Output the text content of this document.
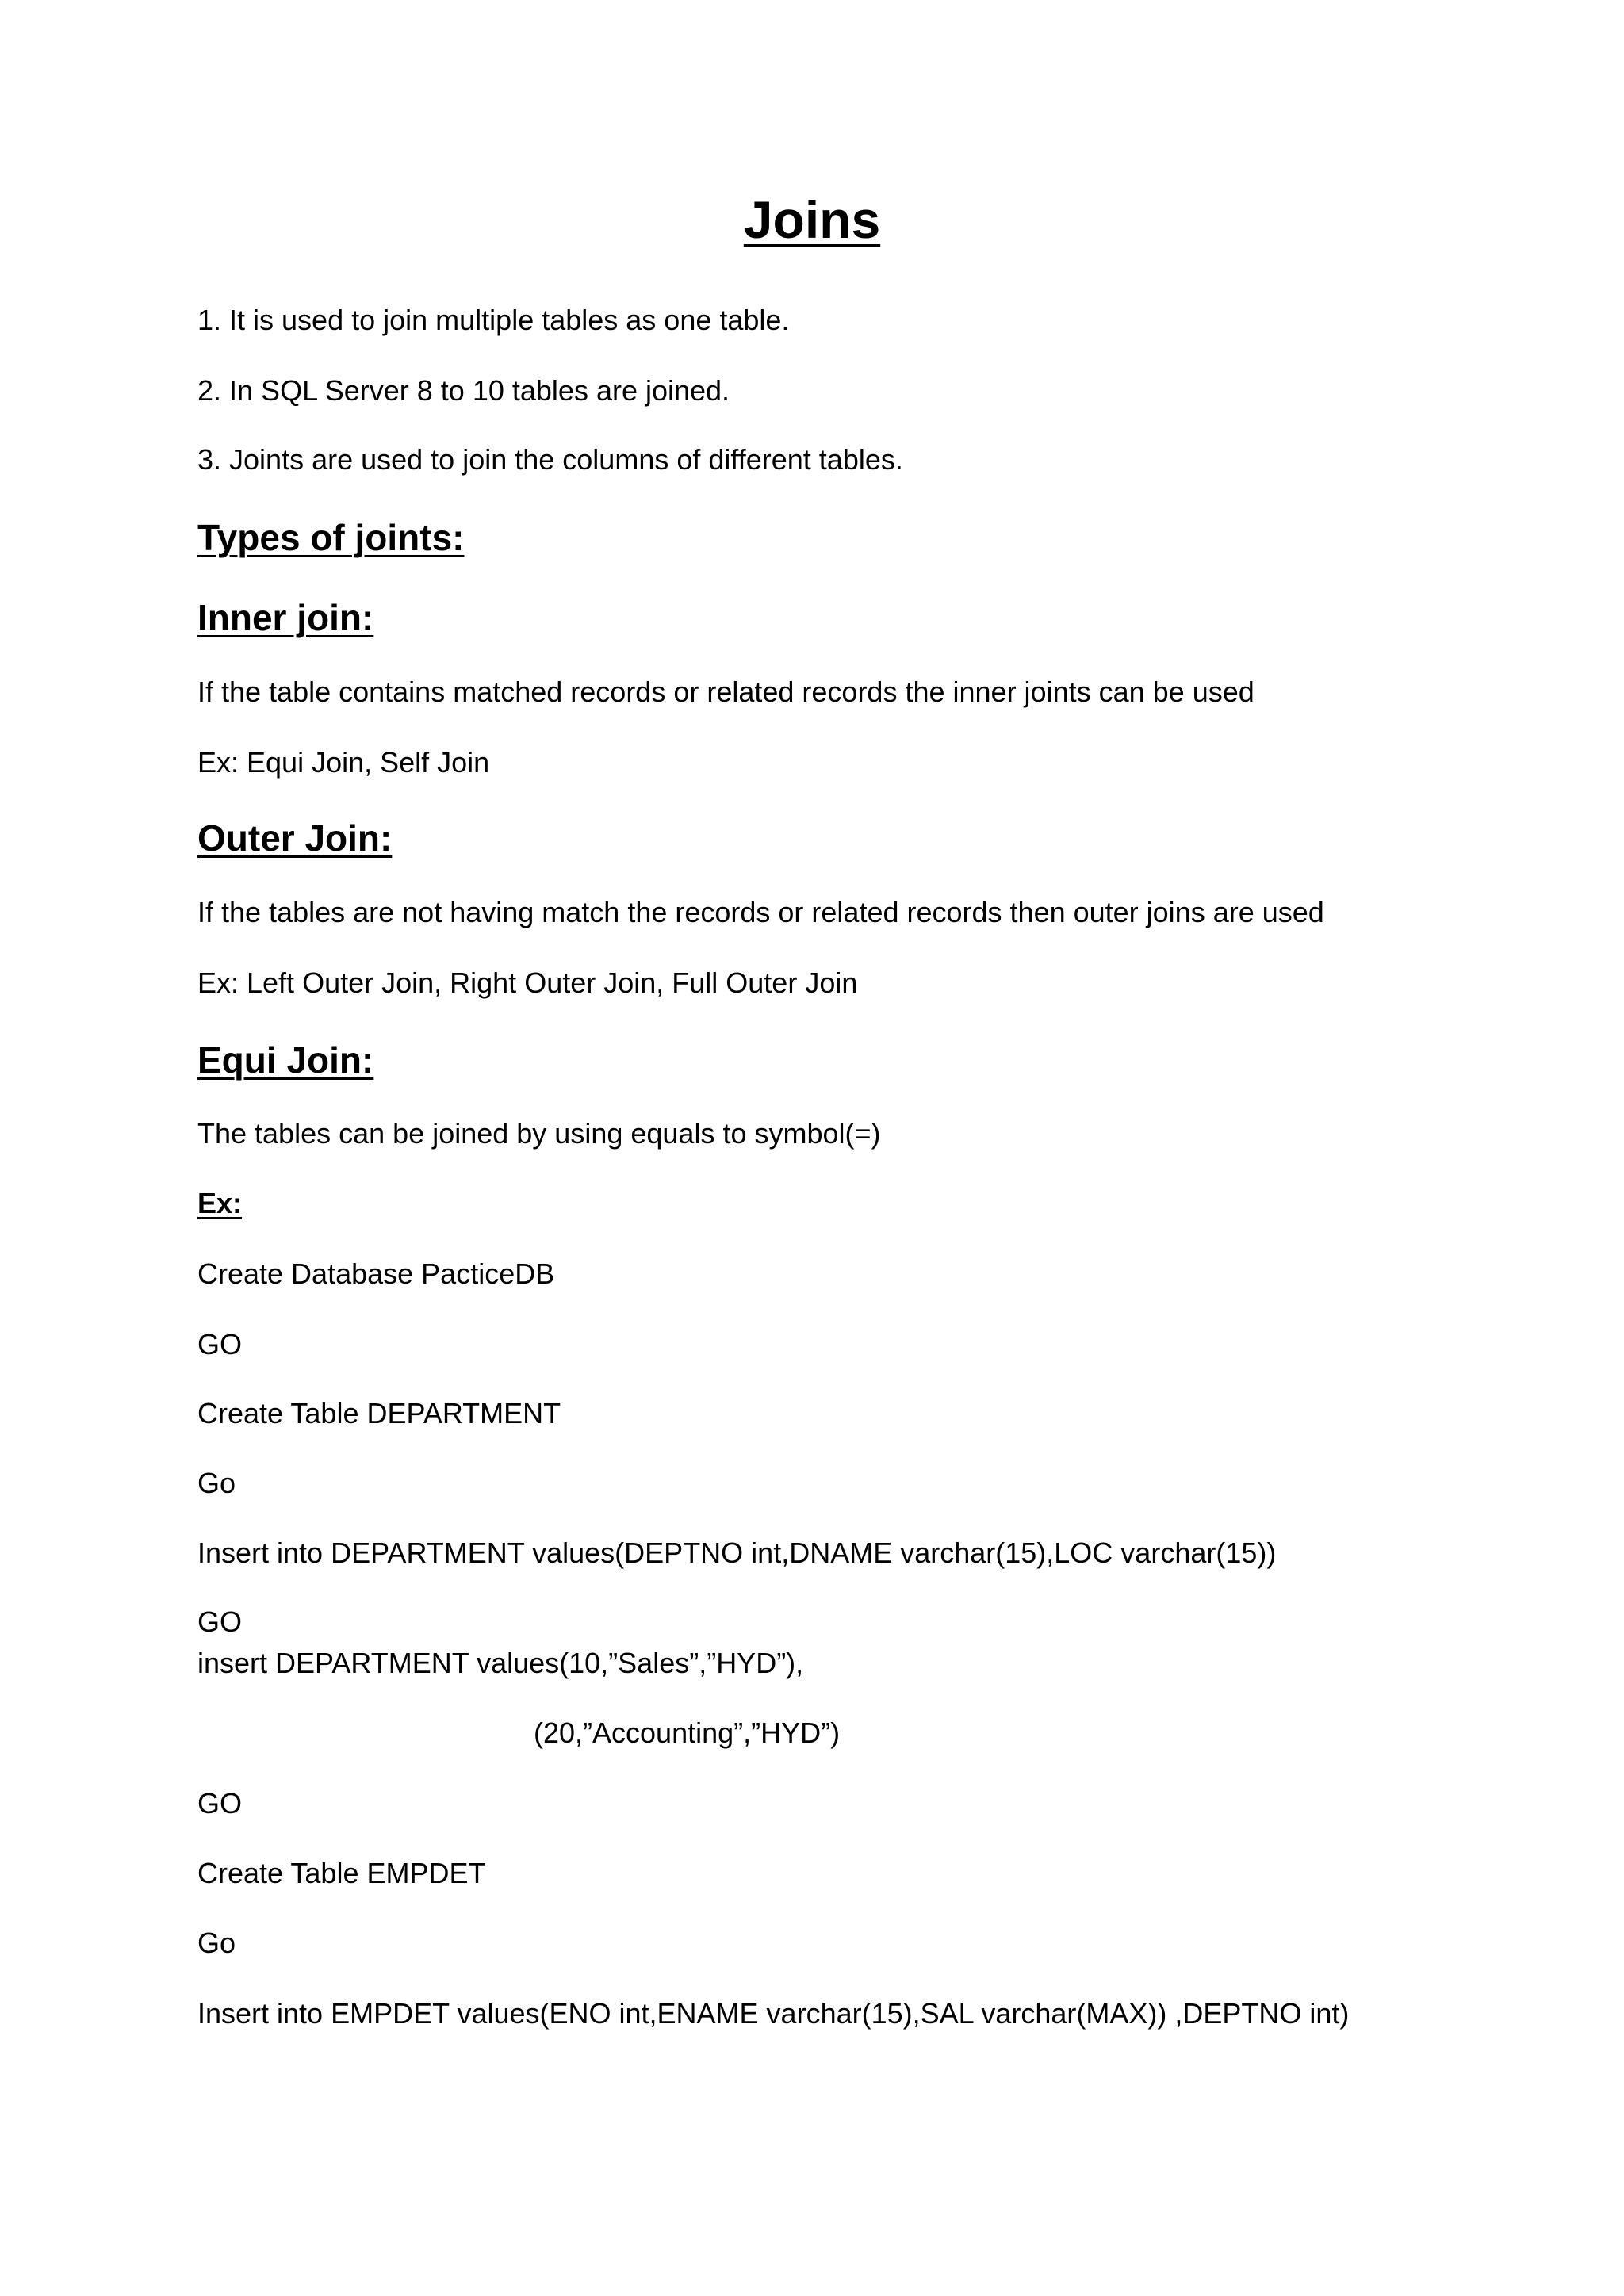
Joins
1. It is used to join multiple tables as one table.
2. In SQL Server 8 to 10 tables are joined.
3. Joints are used to join the columns of different tables.
Types of joints:
Inner join:
If the table contains matched records or related records the inner joints can be used
Ex: Equi Join, Self Join
Outer Join:
If the tables are not having match the records or related records then outer joins are used
Ex: Left Outer Join, Right Outer Join, Full Outer Join
Equi Join:
The tables can be joined by using equals to symbol(=)
Ex:
Create Database PacticeDB
GO
Create Table DEPARTMENT
Go
Insert into DEPARTMENT values(DEPTNO int,DNAME varchar(15),LOC varchar(15))
GO
insert DEPARTMENT values(10,”Sales”,”HYD”),
(20,”Accounting”,”HYD”)
GO
Create Table EMPDET
Go
Insert into EMPDET values(ENO int,ENAME varchar(15),SAL varchar(MAX)) ,DEPTNO int)
